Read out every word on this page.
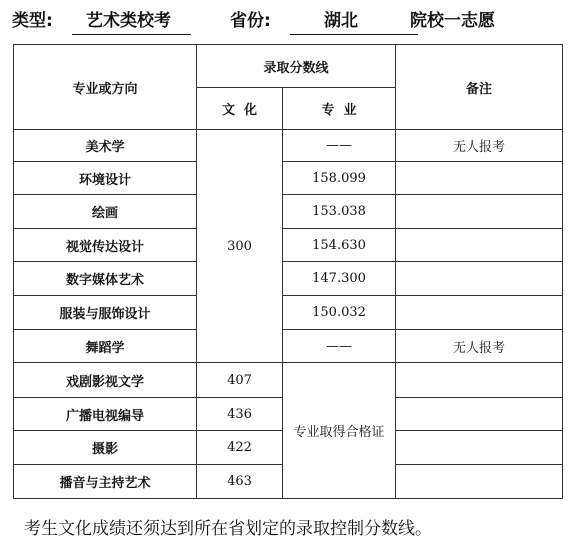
类型:	艺术类校考	省份:	湖北	院校一志愿
专业或方向	录取分数线		备注
	文  化	专  业	
美术学	300	——	无人报考
环境设计		158.099	
绘画		153.038	
视觉传达设计		154.630	
数字媒体艺术		147.300	
服装与服饰设计		150.032	
舞蹈学		——	无人报考
戏剧影视文学	407	专业取得合格证	
广播电视编导	436		
摄影	422		
播音与主持艺术	463		
考生文化成绩还须达到所在省划定的录取控制分数线。
